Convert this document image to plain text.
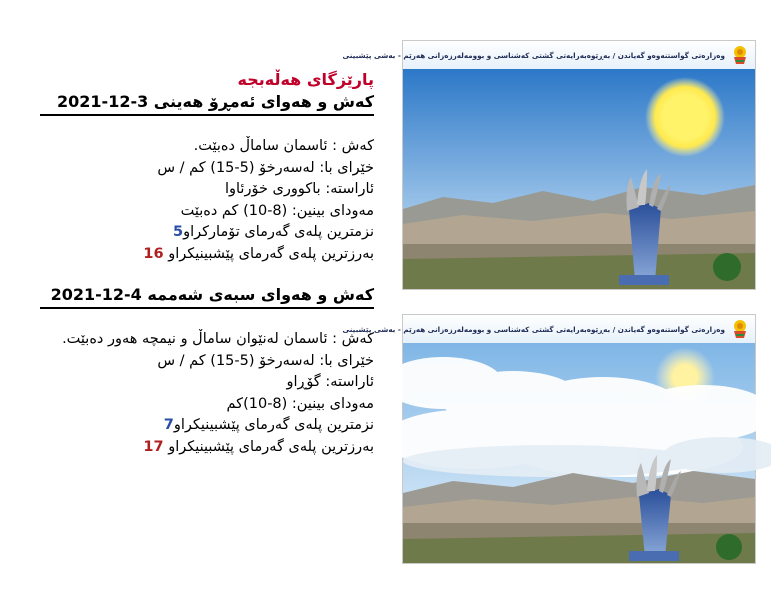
پارێزگای هەڵەبجە
کەش و هەوای ئەمڕۆ هەینی 3-12-2021
کەش : ئاسمان ساماڵ دەبێت.
خێرای با: لەسەرخۆ (5-15) کم / س
ئاراستە: باکووری خۆرئاوا
مەودای بینین: (8-10) کم دەبێت
نزمترین پلەی گەرمای تۆمارکراو5
بەرزترین پلەی گەرمای پێشبینیکراو 16
کەش و هەوای سبەی شەممە 4-12-2021
کەش : ئاسمان لەنێوان ساماڵ و نیمچە هەور دەبێت.
خێرای با: لەسەرخۆ (5-15) کم / س
ئاراستە: گۆڕاو
مەودای بینین: (8-10)کم
نزمترین پلەی گەرمای پێشبینیکراو7
بەرزترین پلەی گەرمای پێشبینیکراو 17
وەزارەتی گواستنەوەو گەیاندن / بەڕێوەبەرایەتی گشتی کەشناسی و بوومەلەرزەزانی هەرێم - بەشی پێشبینی
وەزارەتی گواستنەوەو گەیاندن / بەڕێوەبەرایەتی گشتی کەشناسی و بوومەلەرزەزانی هەرێم - بەشی پێشبینی
